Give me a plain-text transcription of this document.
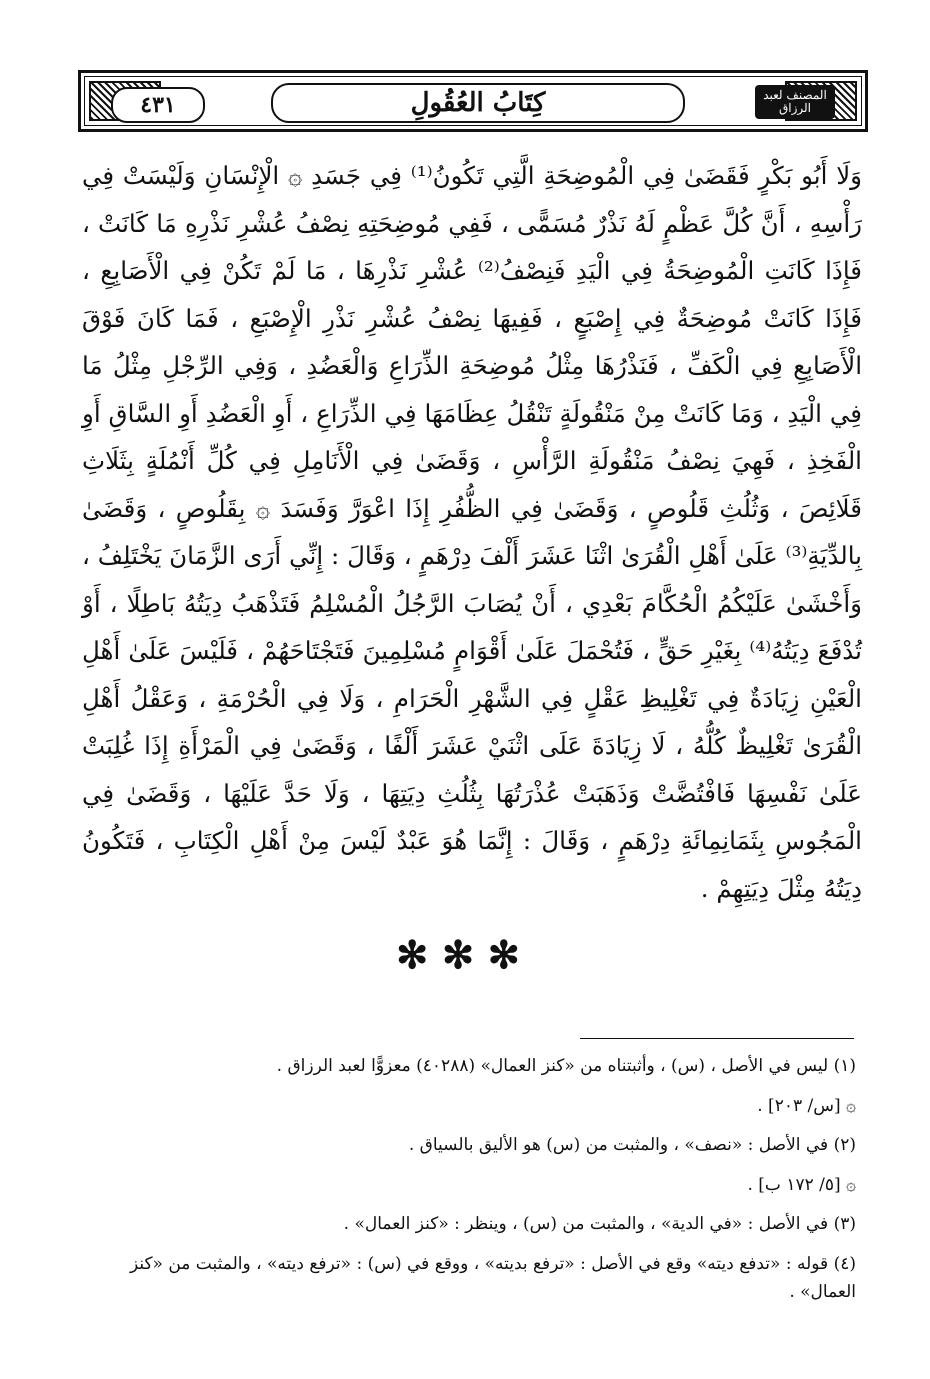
٤٣١	كِتَابُ العُقُولِ	المصنف لعبد الرزاق
وَلَا أَبُو بَكْرٍ فَقَضَىٰ فِي الْمُوضِحَةِ الَّتِي تَكُونُ⁽¹⁾ فِي جَسَدِ ۞ الْإِنْسَانِ وَلَيْسَتْ فِي رَأْسِهِ ، أَنَّ كُلَّ عَظْمٍ لَهُ نَذْرٌ مُسَمًّى ، فَفِي مُوضِحَتِهِ نِصْفُ عُشْرِ نَذْرِهِ مَا كَانَتْ ، فَإِذَا كَانَتِ الْمُوضِحَةُ فِي الْيَدِ فَنِصْفُ⁽²⁾ عُشْرِ نَذْرِهَا ، مَا لَمْ تَكُنْ فِي الْأَصَابِعِ ، فَإِذَا كَانَتْ مُوضِحَةٌ فِي إِصْبَعٍ ، فَفِيهَا نِصْفُ عُشْرِ نَذْرِ الْإِصْبَعِ ، فَمَا كَانَ فَوْقَ الْأَصَابِعِ فِي الْكَفِّ ، فَنَذْرُهَا مِثْلُ مُوضِحَةِ الذِّرَاعِ وَالْعَضُدِ ، وَفِي الرِّجْلِ مِثْلُ مَا فِي الْيَدِ ، وَمَا كَانَتْ مِنْ مَنْقُولَةٍ تَنْقُلُ عِظَامَهَا فِي الذِّرَاعِ ، أَوِ الْعَضُدِ أَوِ السَّاقِ أَوِ الْفَخِذِ ، فَهِيَ نِصْفُ مَنْقُولَةِ الرَّأْسِ ، وَقَضَىٰ فِي الْأَنَامِلِ فِي كُلِّ أَنْمُلَةٍ بِثَلَاثِ قَلَائِصَ ، وَثُلُثِ قَلُوصٍ ، وَقَضَىٰ فِي الظُّفُرِ إِذَا اعْوَرَّ وَفَسَدَ ۞ بِقَلُوصٍ ، وَقَضَىٰ بِالدِّيَةِ⁽³⁾ عَلَىٰ أَهْلِ الْقُرَىٰ اثْنَا عَشَرَ أَلْفَ دِرْهَمٍ ، وَقَالَ : إِنِّي أَرَى الزَّمَانَ يَخْتَلِفُ ، وَأَخْشَىٰ عَلَيْكُمُ الْحُكَّامَ بَعْدِي ، أَنْ يُصَابَ الرَّجُلُ الْمُسْلِمُ فَتَذْهَبُ دِيَتُهُ بَاطِلًا ، أَوْ تُدْفَعَ دِيَتُهُ⁽⁴⁾ بِغَيْرِ حَقٍّ ، فَتُحْمَلَ عَلَىٰ أَقْوَامٍ مُسْلِمِينَ فَتَجْتَاحَهُمْ ، فَلَيْسَ عَلَىٰ أَهْلِ الْعَيْنِ زِيَادَةٌ فِي تَغْلِيظِ عَقْلٍ فِي الشَّهْرِ الْحَرَامِ ، وَلَا فِي الْحُرْمَةِ ، وَعَقْلُ أَهْلِ الْقُرَىٰ تَغْلِيظٌ كُلُّهُ ، لَا زِيَادَةَ عَلَى اثْنَيْ عَشَرَ أَلْفًا ، وَقَضَىٰ فِي الْمَرْأَةِ إِذَا غُلِبَتْ عَلَىٰ نَفْسِهَا فَافْتُضَّتْ وَذَهَبَتْ عُذْرَتُهَا بِثُلُثِ دِيَتِهَا ، وَلَا حَدَّ عَلَيْهَا ، وَقَضَىٰ فِي الْمَجُوسِ بِثَمَانِمِائَةِ دِرْهَمٍ ، وَقَالَ : إِنَّمَا هُوَ عَبْدٌ لَيْسَ مِنْ أَهْلِ الْكِتَابِ ، فَتَكُونُ دِيَتُهُ مِثْلَ دِيَتِهِمْ .
✻✻✻
(١) ليس في الأصل ، (س) ، وأثبتناه من «كنز العمال» (٤٠٢٨٨) معزوًّا لعبد الرزاق .
۞ [س/ ٢٠٣] .
(٢) في الأصل : «نصف» ، والمثبت من (س) هو الأليق بالسياق .
۞ [٥/ ١٧٢ ب] .
(٣) في الأصل : «في الدية» ، والمثبت من (س) ، وينظر : «كنز العمال» .
(٤) قوله : «تدفع ديته» وقع في الأصل : «ترفع بديته» ، ووقع في (س) : «ترفع ديته» ، والمثبت من «كنز العمال» .
